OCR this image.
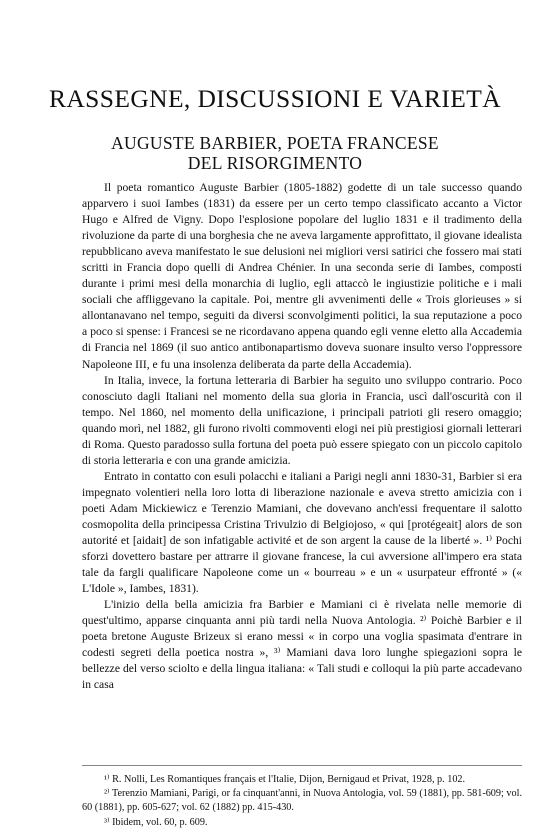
RASSEGNE, DISCUSSIONI E VARIETÀ
AUGUSTE BARBIER, POETA FRANCESE
DEL RISORGIMENTO

Il poeta romantico Auguste Barbier (1805-1882) godette di un tale successo quando apparvero i suoi Iambes (1831) da essere per un certo tempo classificato accanto a Victor Hugo e Alfred de Vigny. Dopo l'esplosione popolare del luglio 1831 e il tradimento della rivoluzione da parte di una borghesia che ne aveva largamente approfittato, il giovane idealista repubblicano aveva manifestato le sue delusioni nei migliori versi satirici che fossero mai stati scritti in Francia dopo quelli di Andrea Chénier. In una seconda serie di Iambes, composti durante i primi mesi della monarchia di luglio, egli attaccò le ingiustizie politiche e i mali sociali che affliggevano la capitale. Poi, mentre gli avvenimenti delle « Trois glorieuses » si allontanavano nel tempo, seguiti da diversi sconvolgimenti politici, la sua reputazione a poco a poco si spense: i Francesi se ne ricordavano appena quando egli venne eletto alla Accademia di Francia nel 1869 (il suo antico antibonapartismo doveva suonare insulto verso l'oppressore Napoleone III, e fu una insolenza deliberata da parte della Accademia).

In Italia, invece, la fortuna letteraria di Barbier ha seguito uno sviluppo contrario. Poco conosciuto dagli Italiani nel momento della sua gloria in Francia, uscì dall'oscurità con il tempo. Nel 1860, nel momento della unificazione, i principali patrioti gli resero omaggio; quando morì, nel 1882, gli furono rivolti commoventi elogi nei più prestigiosi giornali letterari di Roma. Questo paradosso sulla fortuna del poeta può essere spiegato con un piccolo capitolo di storia letteraria e con una grande amicizia.

Entrato in contatto con esuli polacchi e italiani a Parigi negli anni 1830-31, Barbier si era impegnato volentieri nella loro lotta di liberazione nazionale e aveva stretto amicizia con i poeti Adam Mickiewicz e Terenzio Mamiani, che dovevano anch'essi frequentare il salotto cosmopolita della principessa Cristina Trivulzio di Belgiojoso, « qui [protégeait] alors de son autorité et [aidait] de son infatigable activité et de son argent la cause de la liberté ». ¹⁾ Pochi sforzi dovettero bastare per attrarre il giovane francese, la cui avversione all'impero era stata tale da fargli qualificare Napoleone come un « bourreau » e un « usurpateur effronté » (« L'Idole », Iambes, 1831).

L'inizio della bella amicizia fra Barbier e Mamiani ci è rivelata nelle memorie di quest'ultimo, apparse cinquanta anni più tardi nella Nuova Antologia. ²⁾ Poichè Barbier e il poeta bretone Auguste Brizeux si erano messi « in corpo una voglia spasimata d'entrare in codesti segreti della poetica nostra », ³⁾ Mamiani dava loro lunghe spiegazioni sopra le bellezze del verso sciolto e della lingua italiana: « Tali studi e colloqui la più parte accadevano in casa

¹⁾ R. Nolli, Les Romantiques français et l'Italie, Dijon, Bernigaud et Privat, 1928, p. 102.

²⁾ Terenzio Mamiani, Parigi, or fa cinquant'anni, in Nuova Antologia, vol. 59 (1881), pp. 581-609; vol. 60 (1881), pp. 605-627; vol. 62 (1882) pp. 415-430.

³⁾ Ibidem, vol. 60, p. 609.
